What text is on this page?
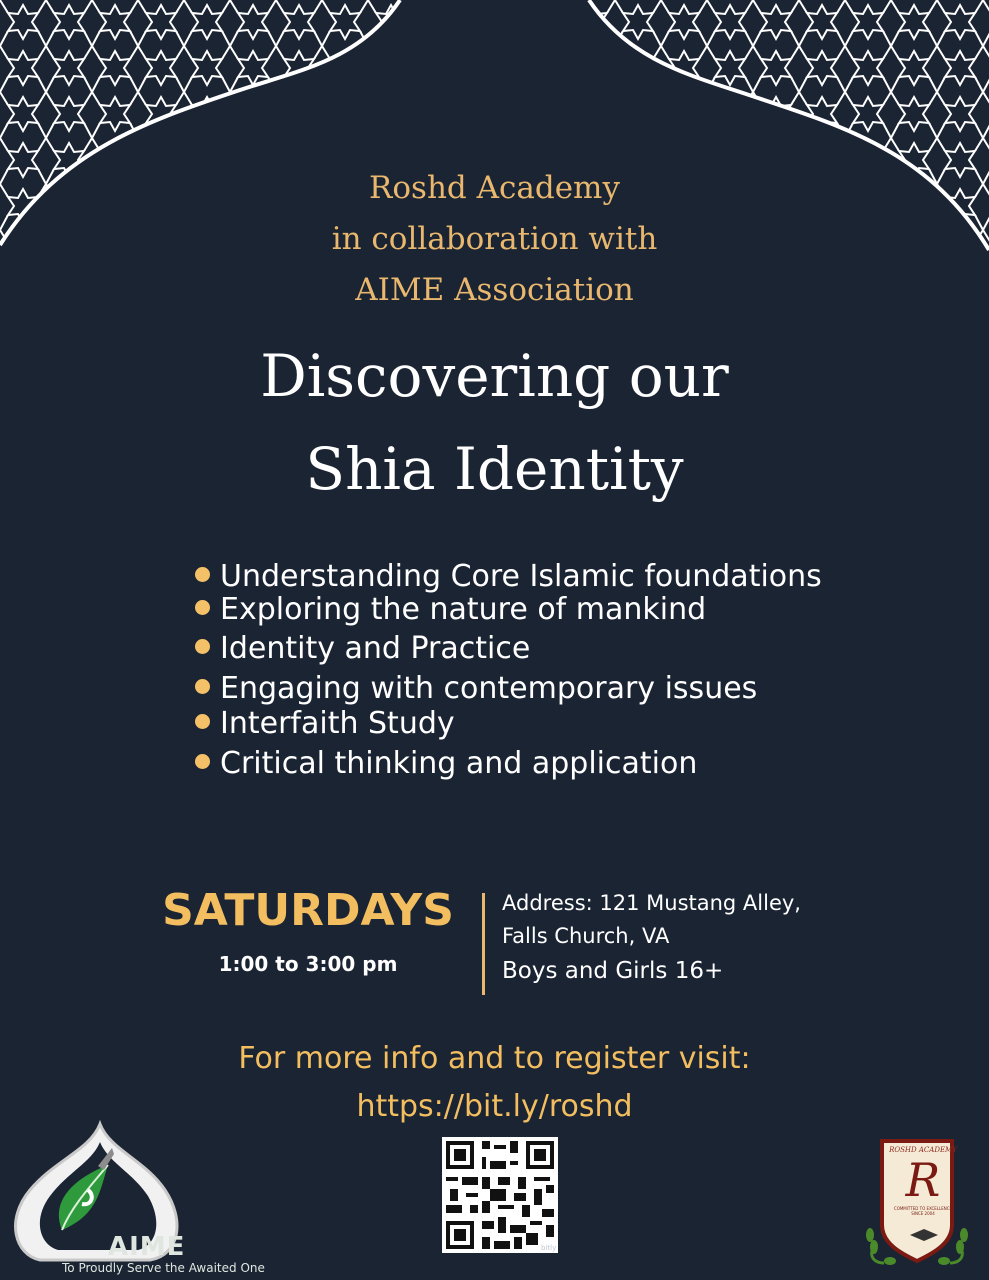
Roshd Academy
in collaboration with
AIME Association
Discovering our
Shia Identity
Understanding Core Islamic foundations
Exploring the nature of mankind
Identity and Practice
Engaging with contemporary issues
Interfaith Study
Critical thinking and application
SATURDAYS
1:00 to 3:00 pm
Address: 121 Mustang Alley,
Falls Church, VA
Boys and Girls 16+
For more info and to register visit:
https://bit.ly/roshd
bitly
AIME
To Proudly Serve the Awaited One
ROSHD ACADEMY
R
COMMITTED TO EXCELLENCE SINCE 2004
